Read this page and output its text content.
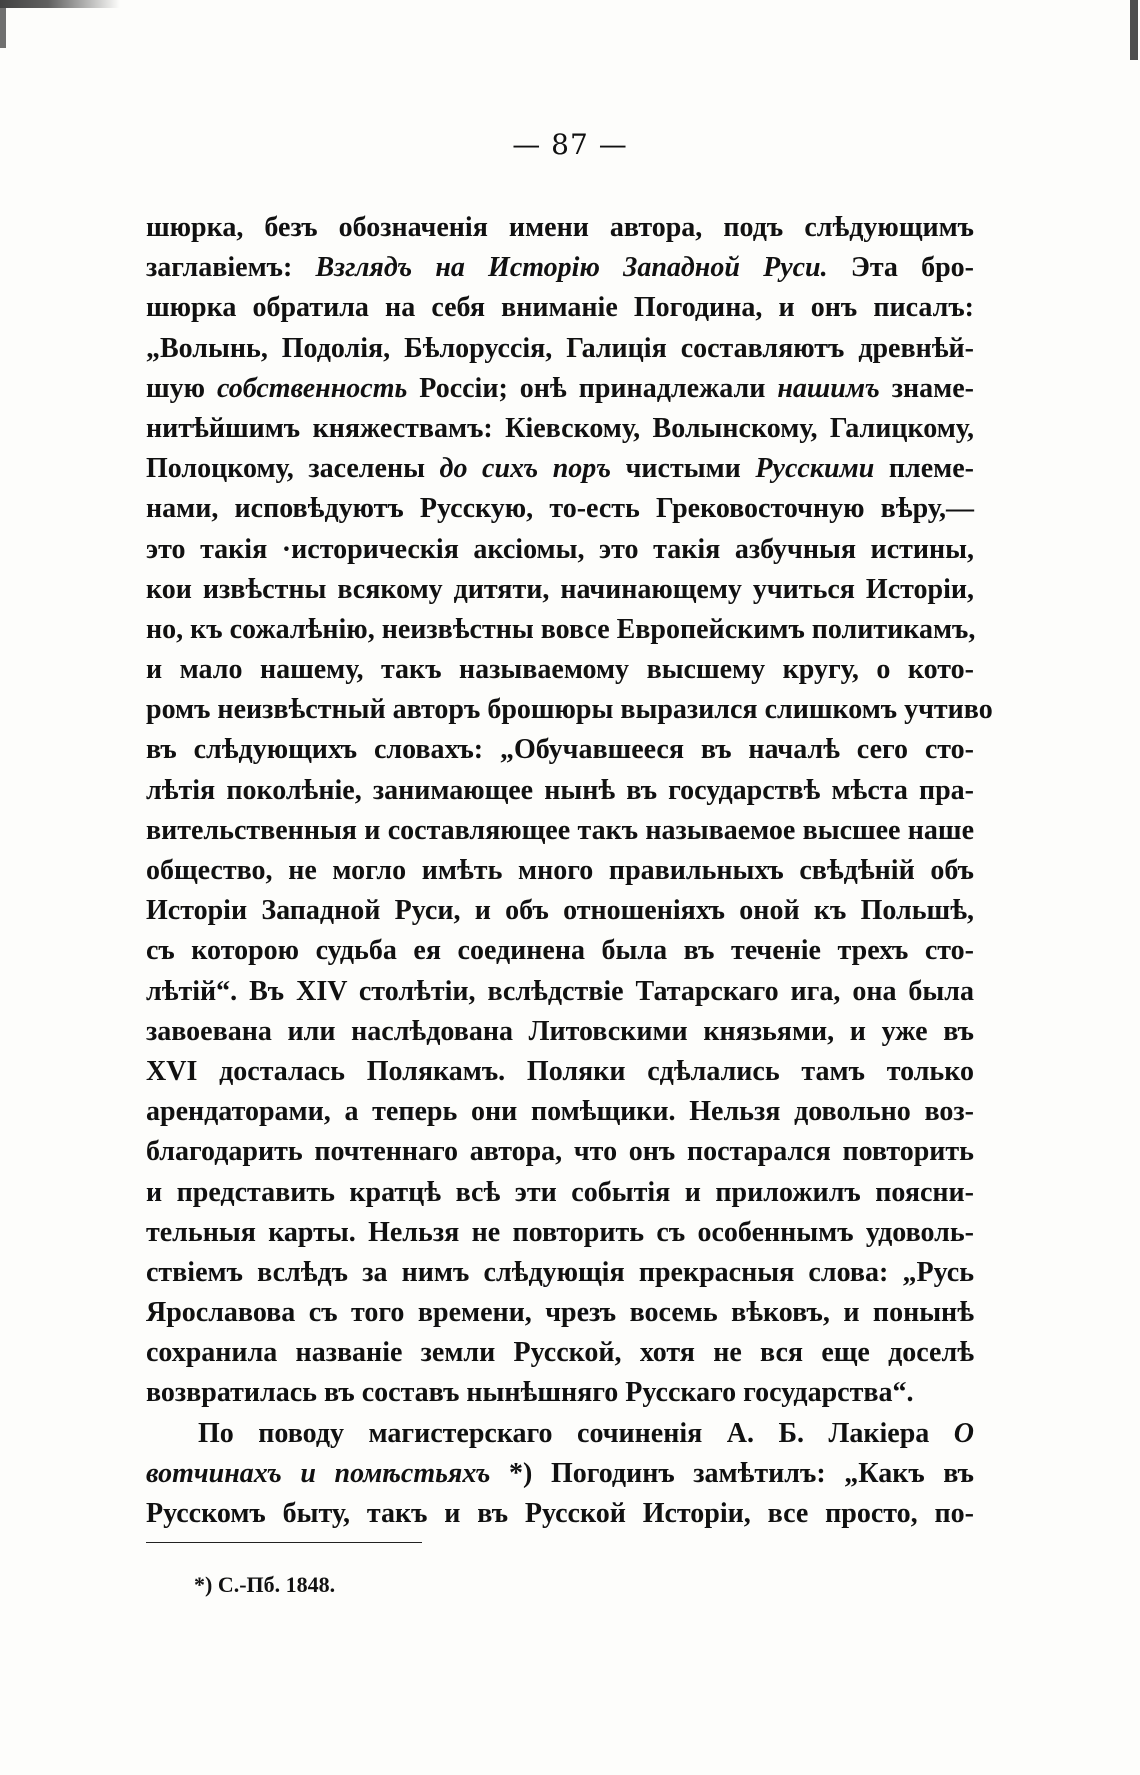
— 87 —
шюрка, безъ обозначенія имени автора, подъ слѣдующимъ
заглавіемъ: Взглядъ на Исторію Западной Руси. Эта бро-
шюрка обратила на себя вниманіе Погодина, и онъ писалъ:
„Волынь, Подолія, Бѣлоруссія, Галиція составляютъ древнѣй-
шую собственность Россіи; онѣ принадлежали нашимъ знаме-
нитѣйшимъ княжествамъ: Кіевскому, Волынскому, Галицкому,
Полоцкому, заселены до сихъ поръ чистыми Русскими племе-
нами, исповѣдуютъ Русскую, то-есть Грековосточную вѣру,—
это такія ·историческія аксіомы, это такія азбучныя истины,
кои извѣстны всякому дитяти, начинающему учиться Исторіи,
но, къ сожалѣнію, неизвѣстны вовсе Европейскимъ политикамъ,
и мало нашему, такъ называемому высшему кругу, о кото-
ромъ неизвѣстный авторъ брошюры выразился слишкомъ учтиво
въ слѣдующихъ словахъ: „Обучавшееся въ началѣ сего сто-
лѣтія поколѣніе, занимающее нынѣ въ государствѣ мѣста пра-
вительственныя и составляющее такъ называемое высшее наше
общество, не могло имѣть много правильныхъ свѣдѣній объ
Исторіи Западной Руси, и объ отношеніяхъ оной къ Польшѣ,
съ которою судьба ея соединена была въ теченіе трехъ сто-
лѣтій“. Въ XIV столѣтіи, вслѣдствіе Татарскаго ига, она была
завоевана или наслѣдована Литовскими князьями, и уже въ
XVI досталась Полякамъ. Поляки сдѣлались тамъ только
арендаторами, а теперь они помѣщики. Нельзя довольно воз-
благодарить почтеннаго автора, что онъ постарался повторить
и представить кратцѣ всѣ эти событія и приложилъ поясни-
тельныя карты. Нельзя не повторить съ особеннымъ удоволь-
ствіемъ вслѣдъ за нимъ слѣдующія прекрасныя слова: „Русь
Ярославова съ того времени, чрезъ восемь вѣковъ, и понынѣ
сохранила названіе земли Русской, хотя не вся еще доселѣ
возвратилась въ составъ нынѣшняго Русскаго государства“.
По поводу магистерскаго сочиненія А. Б. Лакіера О
вотчинахъ и помѣстьяхъ *) Погодинъ замѣтилъ: „Какъ въ
Русскомъ быту, такъ и въ Русской Исторіи, все просто, по-
*) С.-Пб. 1848.
